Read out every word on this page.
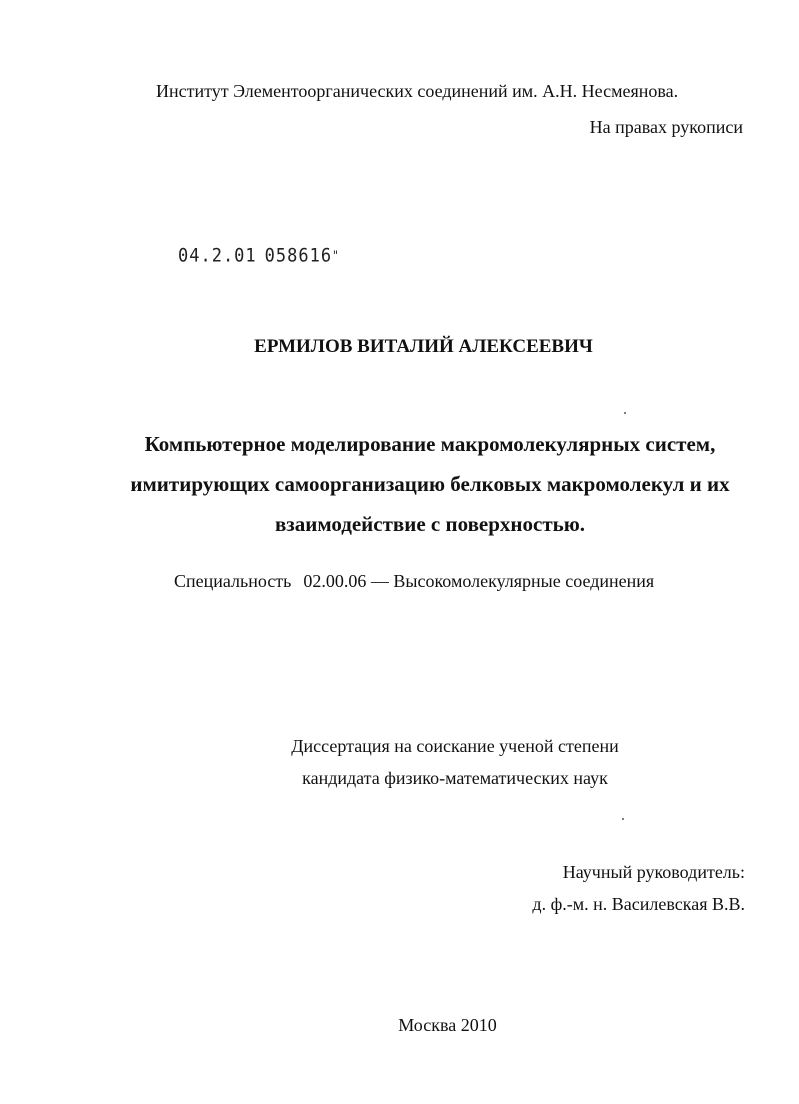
Институт Элементоорганических соединений им. А.Н. Несмеянова.
На правах рукописи
04.2.01 058616"
ЕРМИЛОВ ВИТАЛИЙ АЛЕКСЕЕВИЧ
Компьютерное моделирование макромолекулярных систем,
имитирующих самоорганизацию белковых макромолекул и их
взаимодействие с поверхностью.
Специальность 02.00.06 — Высокомолекулярные соединения
Диссертация на соискание ученой степени
кандидата физико-математических наук
Научный руководитель:
д. ф.-м. н. Василевская В.В.
Москва 2010
